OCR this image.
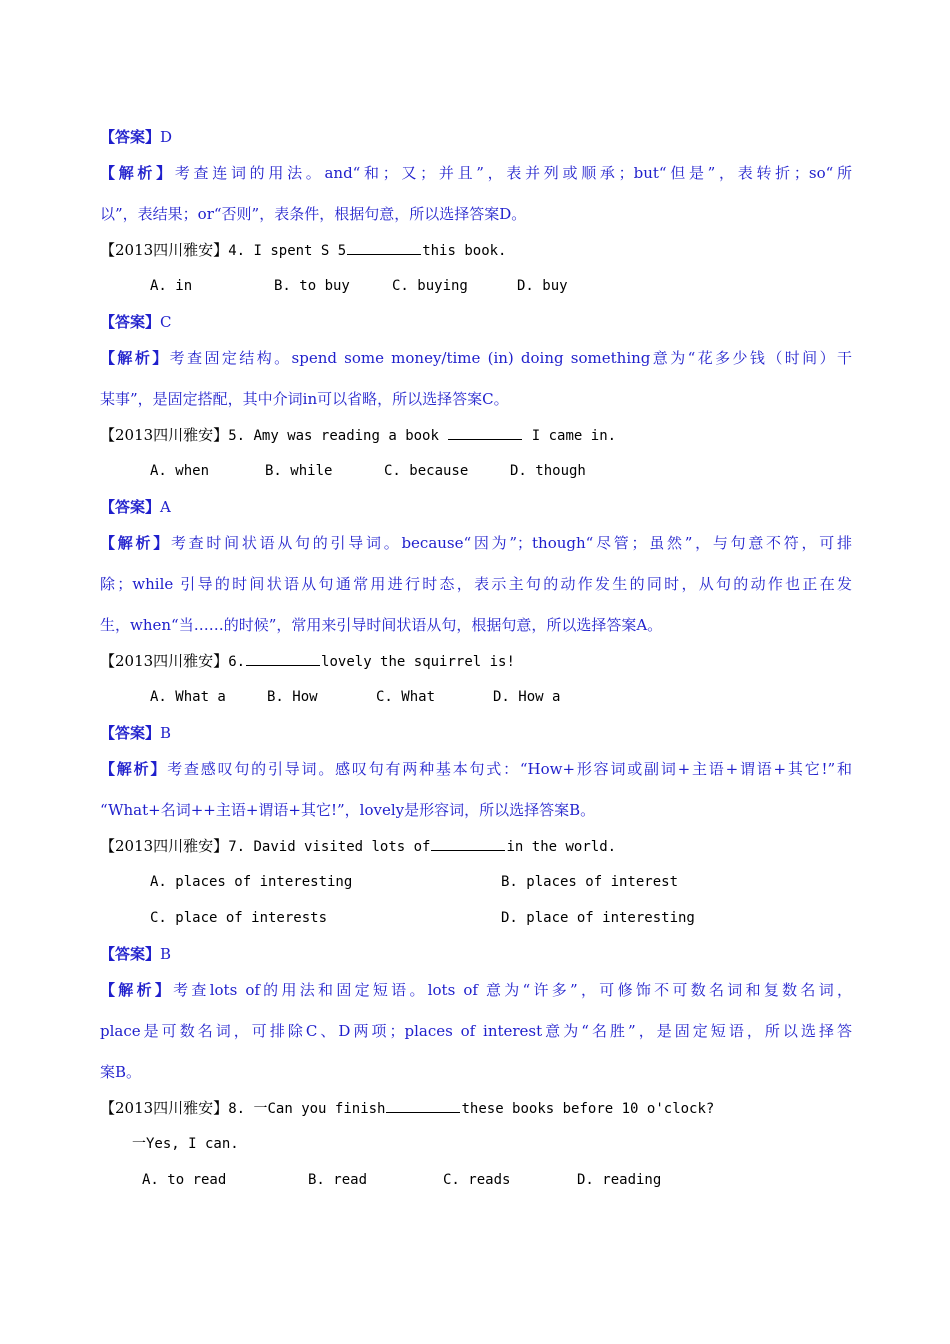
【答案】D
【解析】考查连词的用法。and“和；又；并且”，表并列或顺承；but“但是”，表转折；so“所
以”，表结果；or“否则”，表条件，根据句意，所以选择答案D。
【2013四川雅安】4. I spent S 5	this book.
A. in	B. to buy	C. buying	D. buy
【答案】C
【解析】考查固定结构。spend some money/time (in) doing something意为“花多少钱（时间）干
某事”，是固定搭配，其中介词in可以省略，所以选择答案C。
【2013四川雅安】5. Amy was reading a book	I came in.
A. when	B. while	C. because	D. though
【答案】A
【解析】考查时间状语从句的引导词。because“因为”；though“尽管；虽然”，与句意不符，可排
除；while 引导的时间状语从句通常用进行时态，表示主句的动作发生的同时，从句的动作也正在发
生，when“当……的时候”，常用来引导时间状语从句，根据句意，所以选择答案A。
【2013四川雅安】6.	lovely the squirrel is!
A. What a	B. How	C. What	D. How a
【答案】B
【解析】考查感叹句的引导词。感叹句有两种基本句式：“How+形容词或副词+主语+谓语+其它!”和
“What+名词++主语+谓语+其它!”，lovely是形容词，所以选择答案B。
【2013四川雅安】7. David visited lots of	in the world.
A. places of interesting	B. places of interest
C. place of interests	D. place of interesting
【答案】B
【解析】考查lots of的用法和固定短语。lots of 意为“许多”，可修饰不可数名词和复数名词，
place是可数名词，可排除C、D两项；places of interest意为“名胜”，是固定短语，所以选择答
案B。
【2013四川雅安】8. 一Can you finish	these books before 10 o'clock?
一Yes, I can.
A. to read	B. read	C. reads	D. reading
